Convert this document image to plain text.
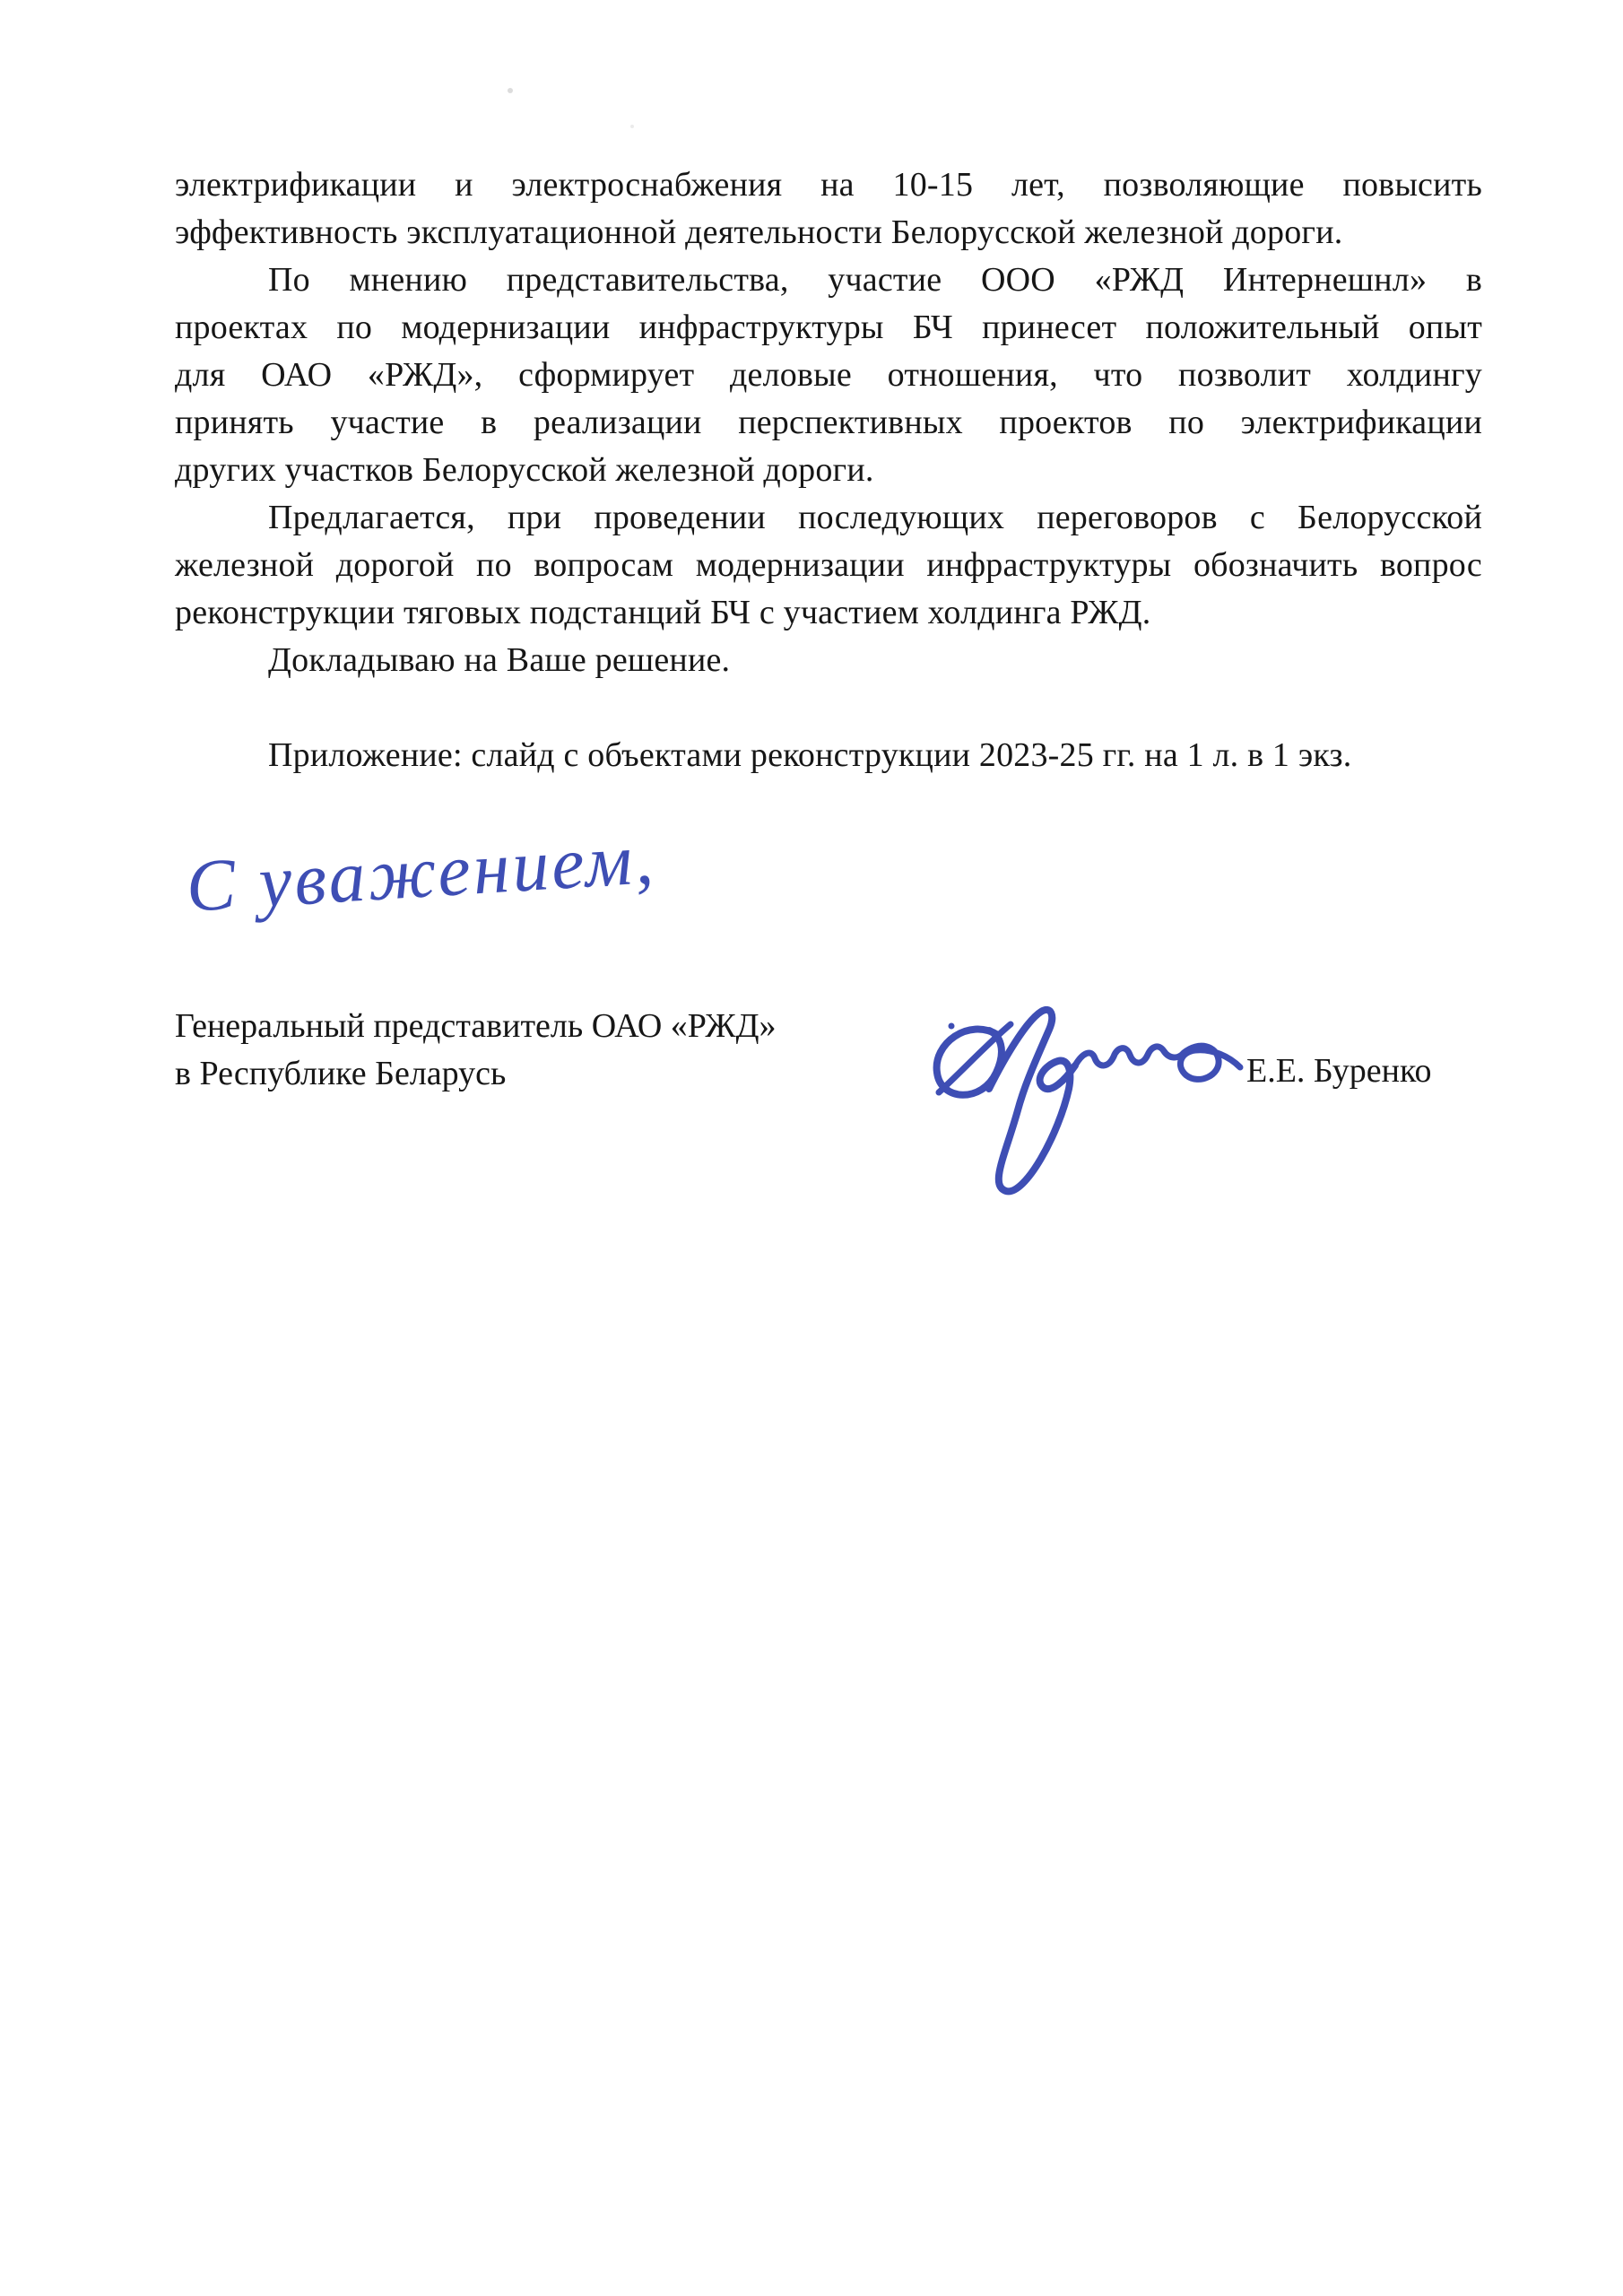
электрификации и электроснабжения на 10-15 лет, позволяющие повысить
эффективность эксплуатационной деятельности Белорусской железной дороги.
По мнению представительства, участие ООО «РЖД Интернешнл» в
проектах по модернизации инфраструктуры БЧ принесет положительный опыт
для ОАО «РЖД», сформирует деловые отношения, что позволит холдингу
принять участие в реализации перспективных проектов по электрификации
других участков Белорусской железной дороги.
Предлагается, при проведении последующих переговоров с Белорусской
железной дорогой по вопросам модернизации инфраструктуры обозначить вопрос
реконструкции тяговых подстанций БЧ с участием холдинга РЖД.
Докладываю на Ваше решение.
Приложение: слайд с объектами реконструкции 2023-25 гг. на 1 л. в 1 экз.
С уважением,
Генеральный представитель ОАО «РЖД»
в Республике Беларусь	Е.Е. Буренко
